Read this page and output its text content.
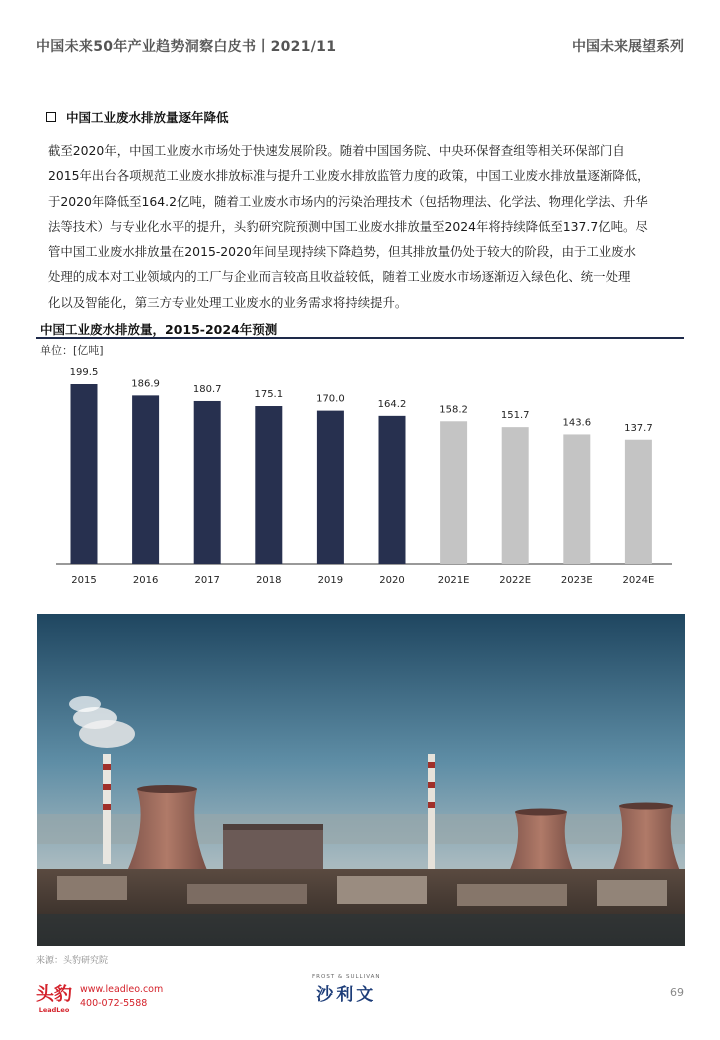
中国未来50年产业趋势洞察白皮书丨2021/11	中国未来展望系列
中国工业废水排放量逐年降低
截至2020年，中国工业废水市场处于快速发展阶段。随着中国国务院、中央环保督查组等相关环保部门自
2015年出台各项规范工业废水排放标准与提升工业废水排放监管力度的政策，中国工业废水排放量逐渐降低，
于2020年降低至164.2亿吨，随着工业废水市场内的污染治理技术（包括物理法、化学法、物理化学法、升华
法等技术）与专业化水平的提升，头豹研究院预测中国工业废水排放量至2024年将持续降低至137.7亿吨。尽
管中国工业废水排放量在2015-2020年间呈现持续下降趋势，但其排放量仍处于较大的阶段，由于工业废水
处理的成本对工业领域内的工厂与企业而言较高且收益较低，随着工业废水市场逐渐迈入绿色化、统一处理
化以及智能化，第三方专业处理工业废水的业务需求将持续提升。
中国工业废水排放量，2015-2024年预测
单位：[亿吨]
199.5
2015
186.9
2016
180.7
2017
175.1
2018
170.0
2019
164.2
2020
158.2
2021E
151.7
2022E
143.6
2023E
137.7
2024E
来源：头豹研究院
头豹
LeadLeo
www.leadleo.com
400-072-5588
FROST & SULLIVAN
沙利文	69
